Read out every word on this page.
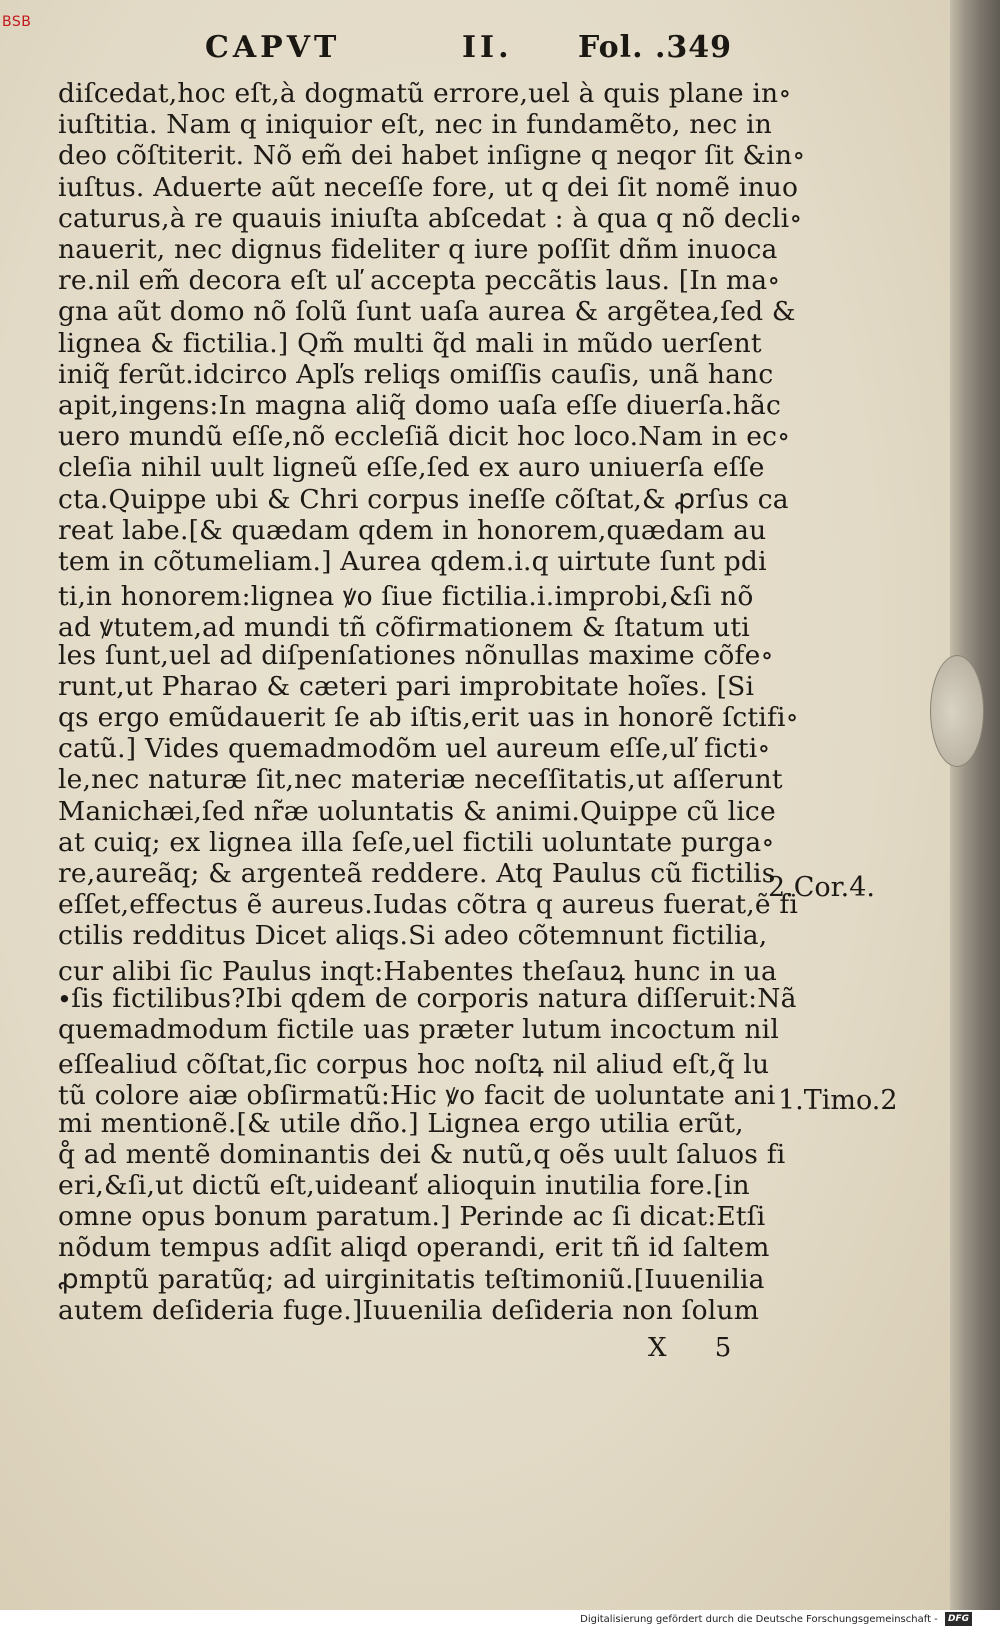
BSB
CAPVT	II. Fol. .349
diſcedat,hoc eſt,à dogmatũ errore,uel à quis plane in∘
iuſtitia. Nam q iniquior eſt, nec in fundamẽto, nec in
deo cõſtiterit. Nõ em̃ dei habet inſigne q neqor ſit &in∘
iuſtus. Aduerte aũt neceſſe fore, ut q dei ſit nomẽ inuo
caturus,à re quauis iniuſta abſcedat : à qua q nõ decli∘
nauerit, nec dignus fideliter q iure poſſit dñm inuoca
re.nil em̃ decora eſt uľ accepta peccãtis laus. [In ma∘
gna aũt domo nõ ſolũ ſunt uaſa aurea & argẽtea,ſed &
lignea & fictilia.] Qm̃ multi q̃d mali in mũdo uerſent
iniq̃ ferũt.idcirco Apľs reliqs omiſſis cauſis, unã hanc
apit,ingens:In magna aliq̃ domo uaſa eſſe diuerſa.hãc
uero mundũ eſſe,nõ eccleſiã dicit hoc loco.Nam in ec∘
cleſia nihil uult ligneũ eſſe,ſed ex auro uniuerſa eſſe
cta.Quippe ubi & Chri corpus ineſſe cõſtat,& ꝓrſus ca
reat labe.[& quædam qdem in honorem,quædam au
tem in cõtumeliam.] Aurea qdem.i.q uirtute ſunt pdi
ti,in honorem:lignea ꝟo ſiue fictilia.i.improbi,&ſi nõ
ad ꝟtutem,ad mundi tñ cõfirmationem & ſtatum uti
les ſunt,uel ad diſpenſationes nõnullas maxime cõfe∘
runt,ut Pharao & cæteri pari improbitate hoĩes. [Si
qs ergo emũdauerit ſe ab iſtis,erit uas in honorẽ ſctifi∘
catũ.] Vides quemadmodõm uel aureum eſſe,uľ ficti∘
le,nec naturæ ſit,nec materiæ neceſſitatis,ut aſſerunt
Manichæi,ſed nr̃æ uoluntatis & animi.Quippe cũ lice
at cuiq; ex lignea illa ſeſe,uel fictili uoluntate purga∘
re,aureãq; & argenteã reddere. Atq Paulus cũ fictilis
eſſet,effectus ẽ aureus.Iudas cõtra q aureus fuerat,ẽ fi
ctilis redditus Dicet aliqs.Si adeo cõtemnunt fictilia,
cur alibi ſic Paulus inqt:Habentes theſauꝝ hunc in ua
∙ſis fictilibus?Ibi qdem de corporis natura diſſeruit:Nã
quemadmodum fictile uas præter lutum incoctum nil
eſſealiud cõſtat,ſic corpus hoc noſtꝝ nil aliud eſt,q̃ lu
tũ colore aiæ obſirmatũ:Hic ꝟo facit de uoluntate ani
mi mentionẽ.[& utile dño.] Lignea ergo utilia erũt,
q̊ ad mentẽ dominantis dei & nutũ,q oẽs uult ſaluos fi
eri,&ſi,ut dictũ eſt,uideanť alioquin inutilia fore.[in
omne opus bonum paratum.] Perinde ac ſi dicat:Etſi
nõdum tempus adſit aliqd operandi, erit tñ id ſaltem
ꝓmptũ paratũq; ad uirginitatis teſtimoniũ.[Iuuenilia
autem deſideria fuge.]Iuuenilia deſideria non ſolum
2.Cor.4.
1.Timo.2
X 5
Digitalisierung gefördert durch die Deutsche Forschungsgemeinschaft - DFG
